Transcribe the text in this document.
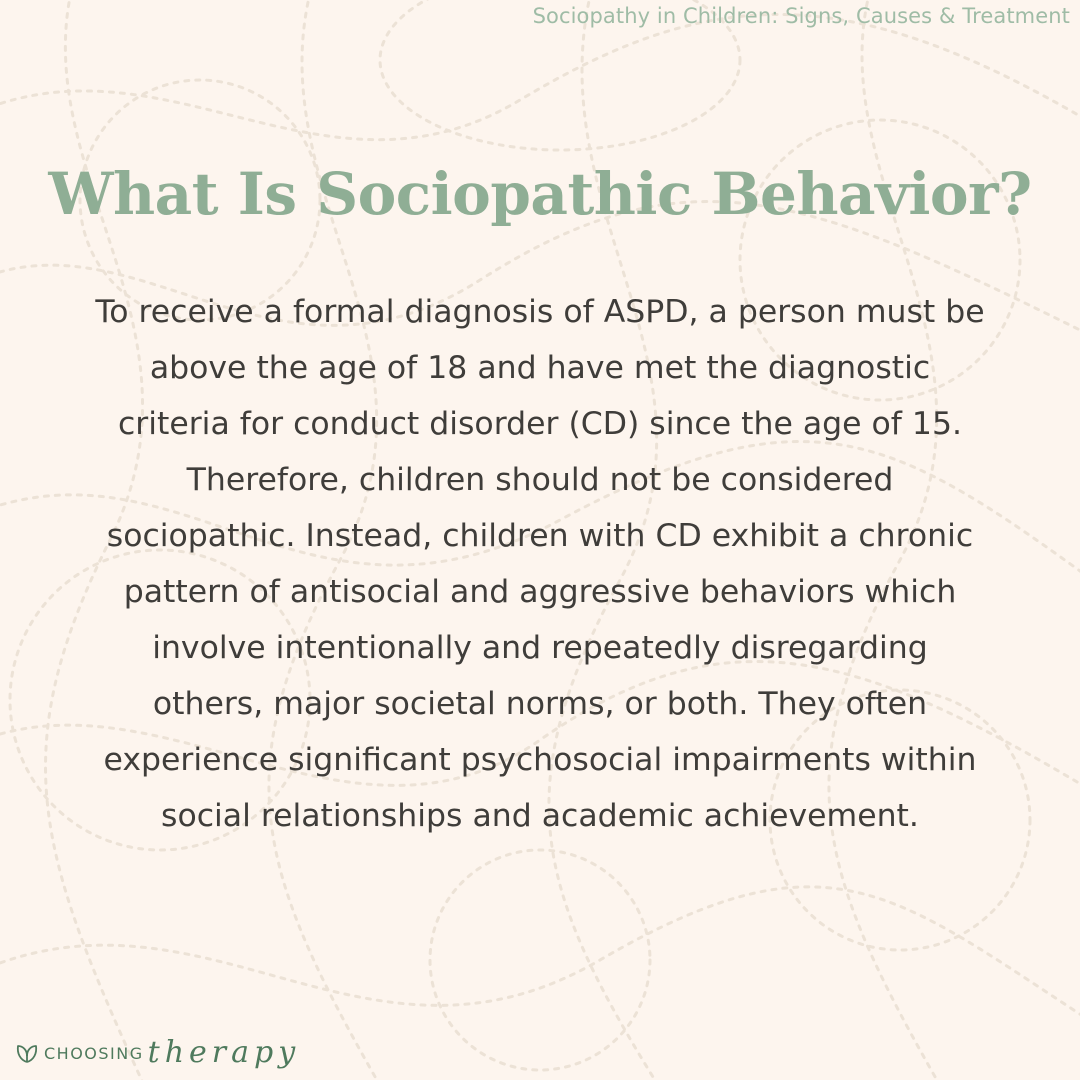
Sociopathy in Children: Signs, Causes & Treatment
What Is Sociopathic Behavior?

To receive a formal diagnosis of ASPD, a person must be above the age of 18 and have met the diagnostic criteria for conduct disorder (CD) since the age of 15. Therefore, children should not be considered sociopathic. Instead, children with CD exhibit a chronic pattern of antisocial and aggressive behaviors which involve intentionally and repeatedly disregarding others, major societal norms, or both. They often experience significant psychosocial impairments within social relationships and academic achievement.

CHOOSING therapy
